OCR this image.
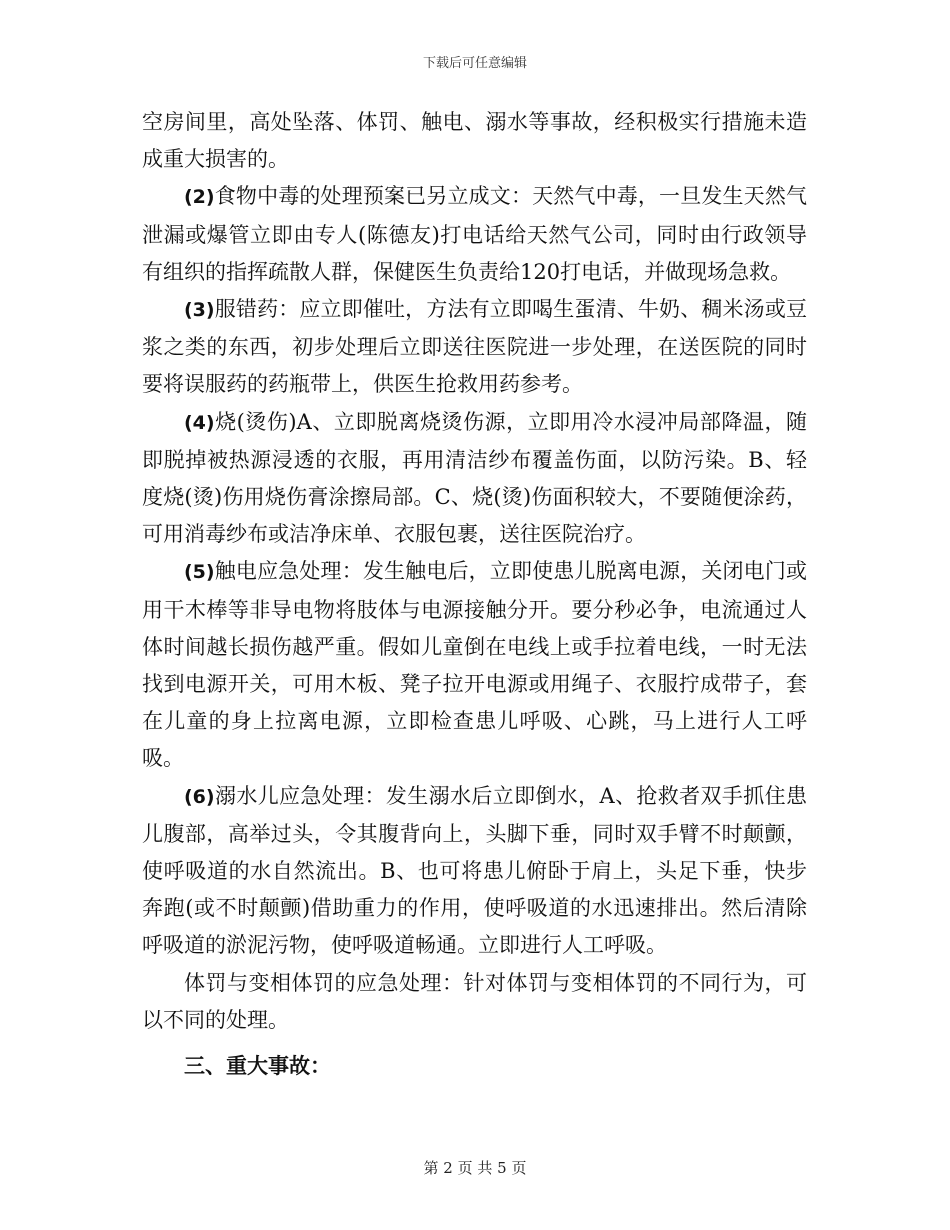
下载后可任意编辑

空房间里，高处坠落、体罚、触电、溺水等事故，经积极实行措施未造成重大损害的。

(2)食物中毒的处理预案已另立成文：天然气中毒，一旦发生天然气泄漏或爆管立即由专人(陈德友)打电话给天然气公司，同时由行政领导有组织的指挥疏散人群，保健医生负责给120打电话，并做现场急救。

(3)服错药：应立即催吐，方法有立即喝生蛋清、牛奶、稠米汤或豆浆之类的东西，初步处理后立即送往医院进一步处理，在送医院的同时要将误服药的药瓶带上，供医生抢救用药参考。

(4)烧(烫伤)A、立即脱离烧烫伤源，立即用冷水浸冲局部降温，随即脱掉被热源浸透的衣服，再用清洁纱布覆盖伤面，以防污染。B、轻度烧(烫)伤用烧伤膏涂擦局部。C、烧(烫)伤面积较大，不要随便涂药，可用消毒纱布或洁净床单、衣服包裹，送往医院治疗。

(5)触电应急处理：发生触电后，立即使患儿脱离电源，关闭电门或用干木棒等非导电物将肢体与电源接触分开。要分秒必争，电流通过人体时间越长损伤越严重。假如儿童倒在电线上或手拉着电线，一时无法找到电源开关，可用木板、凳子拉开电源或用绳子、衣服拧成带子，套在儿童的身上拉离电源，立即检查患儿呼吸、心跳，马上进行人工呼吸。

(6)溺水儿应急处理：发生溺水后立即倒水，A、抢救者双手抓住患儿腹部，高举过头，令其腹背向上，头脚下垂，同时双手臂不时颠颤，使呼吸道的水自然流出。B、也可将患儿俯卧于肩上，头足下垂，快步奔跑(或不时颠颤)借助重力的作用，使呼吸道的水迅速排出。然后清除呼吸道的淤泥污物，使呼吸道畅通。立即进行人工呼吸。

体罚与变相体罚的应急处理：针对体罚与变相体罚的不同行为，可以不同的处理。

三、重大事故：

第 2 页 共 5 页
